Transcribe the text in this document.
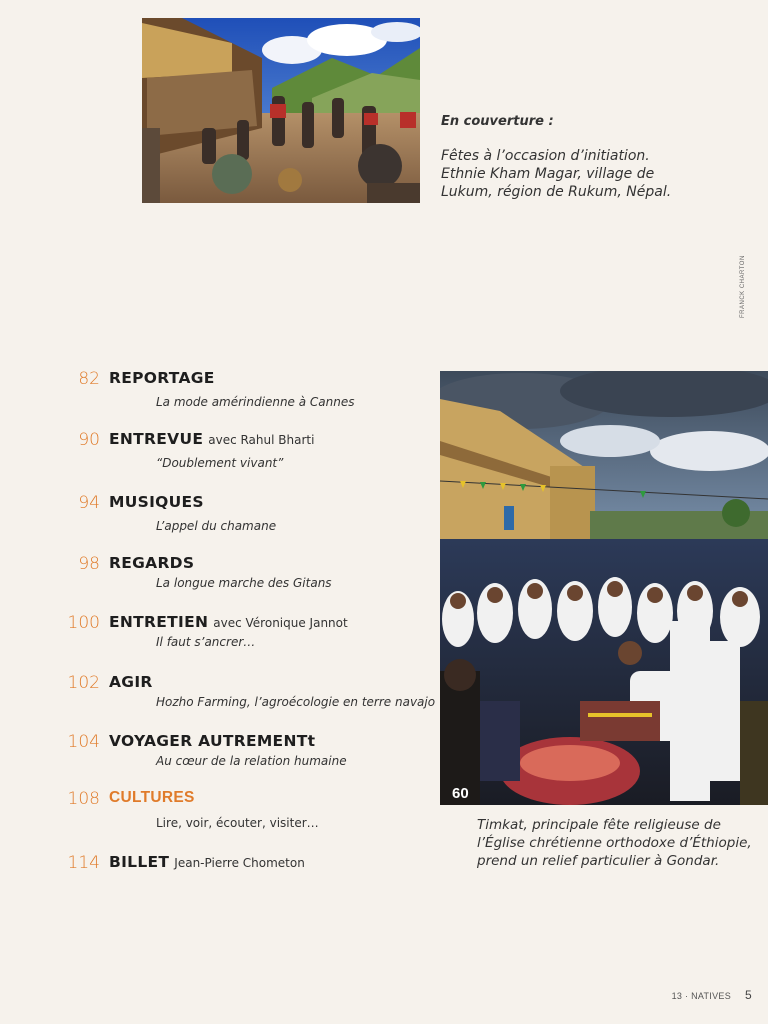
En couverture :
Fêtes à l’occasion d’initiation.
Ethnie Kham Magar, village de
Lukum, région de Rukum, Népal.
FRANCK CHARTON
82 REPORTAGE
La mode amérindienne à Cannes
90 ENTREVUE avec Rahul Bharti
“Doublement vivant”
94 MUSIQUES
L’appel du chamane
98 REGARDS
La longue marche des Gitans
100 ENTRETIEN avec Véronique Jannot
Il faut s’ancrer…
102 AGIR
Hozho Farming, l’agroécologie en terre navajo
104 VOYAGER AUTREMENTt
Au cœur de la relation humaine
108 CULTURES
Lire, voir, écouter, visiter…
114 BILLET Jean-Pierre Chometon
60
Timkat, principale fête religieuse de
l’Église chrétienne orthodoxe d’Éthiopie,
prend un relief particulier à Gondar.
13 · NATIVES 5
